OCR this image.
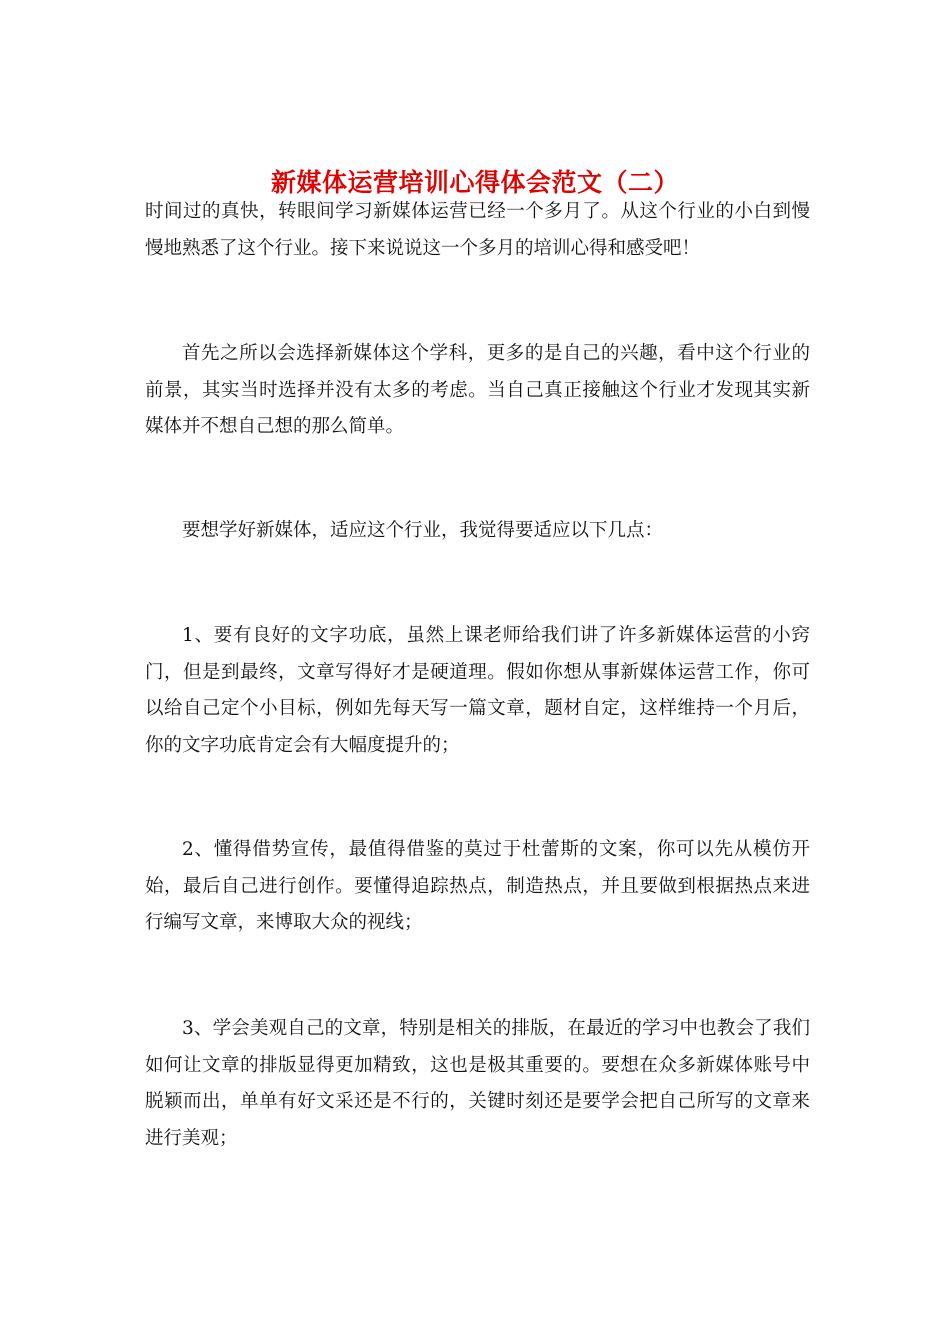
新媒体运营培训心得体会范文（二）

时间过的真快，转眼间学习新媒体运营已经一个多月了。从这个行业的小白到慢慢地熟悉了这个行业。接下来说说这一个多月的培训心得和感受吧！

首先之所以会选择新媒体这个学科，更多的是自己的兴趣，看中这个行业的前景，其实当时选择并没有太多的考虑。当自己真正接触这个行业才发现其实新媒体并不想自己想的那么简单。

要想学好新媒体，适应这个行业，我觉得要适应以下几点：

1、要有良好的文字功底，虽然上课老师给我们讲了许多新媒体运营的小窍门，但是到最终，文章写得好才是硬道理。假如你想从事新媒体运营工作，你可以给自己定个小目标，例如先每天写一篇文章，题材自定，这样维持一个月后，你的文字功底肯定会有大幅度提升的；

2、懂得借势宣传，最值得借鉴的莫过于杜蕾斯的文案，你可以先从模仿开始，最后自己进行创作。要懂得追踪热点，制造热点，并且要做到根据热点来进行编写文章，来博取大众的视线；

3、学会美观自己的文章，特别是相关的排版，在最近的学习中也教会了我们如何让文章的排版显得更加精致，这也是极其重要的。要想在众多新媒体账号中脱颖而出，单单有好文采还是不行的，关键时刻还是要学会把自己所写的文章来进行美观；
